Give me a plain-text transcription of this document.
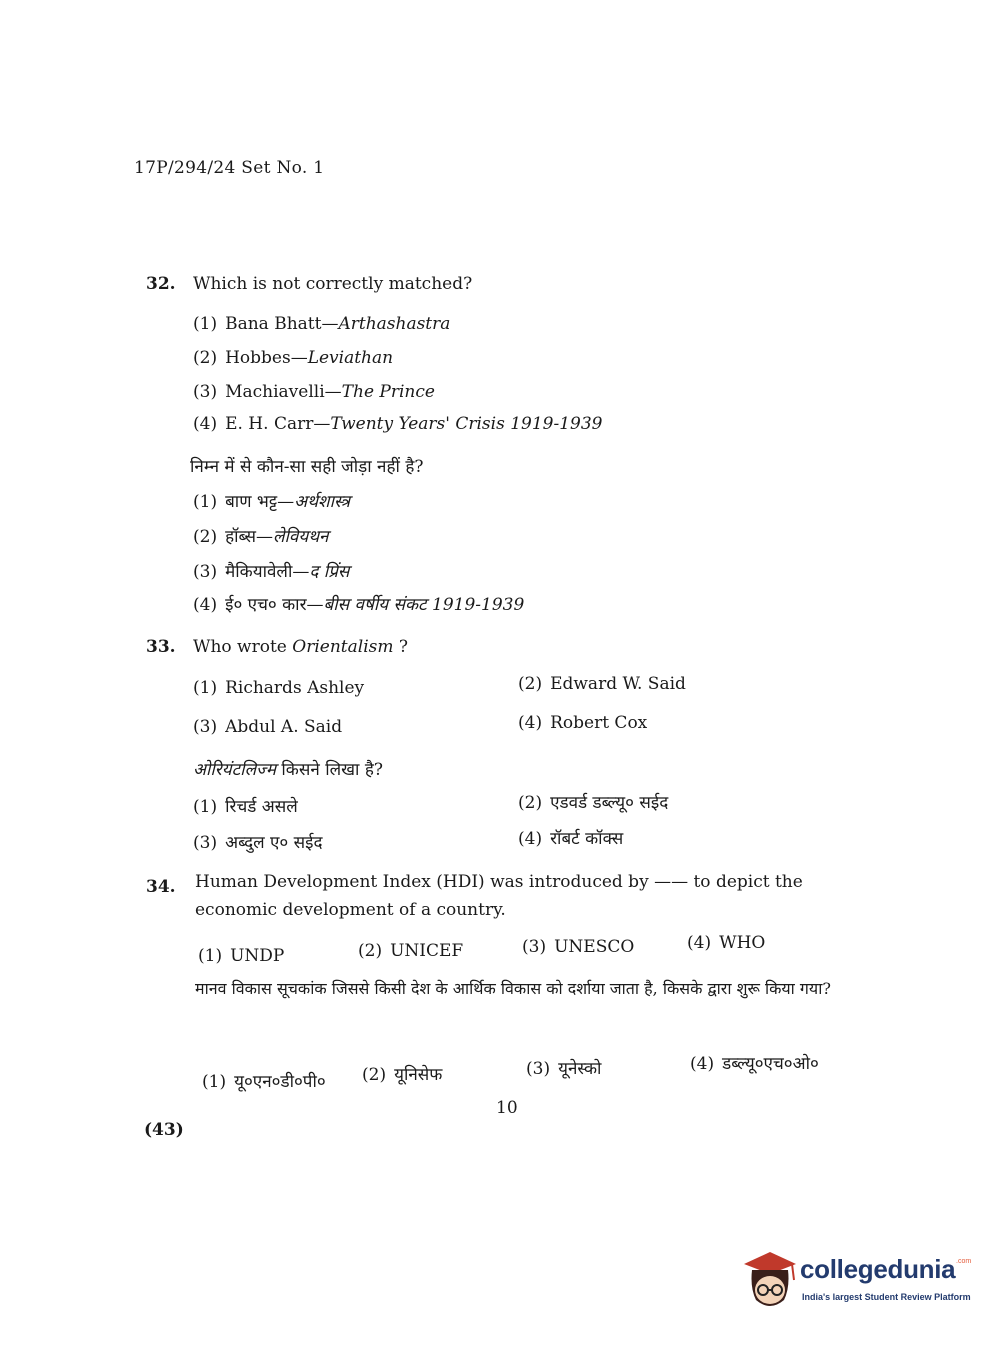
17P/294/24 Set No. 1
32. Which is not correctly matched?
(1) Bana Bhatt—Arthashastra
(2) Hobbes—Leviathan
(3) Machiavelli—The Prince
(4) E. H. Carr—Twenty Years' Crisis 1919-1939
निम्न में से कौन-सा सही जोड़ा नहीं है?
(1) बाण भट्ट—अर्थशास्त्र
(2) हॉब्स—लेवियथन
(3) मैकियावेली—द प्रिंस
(4) ई० एच० कार—बीस वर्षीय संकट 1919-1939
33. Who wrote Orientalism ?
(1) Richards Ashley	(2) Edward W. Said
(3) Abdul A. Said	(4) Robert Cox
ओरियंटलिज्म किसने लिखा है?
(1) रिचर्ड असले	(2) एडवर्ड डब्ल्यू० सईद
(3) अब्दुल ए० सईद	(4) रॉबर्ट कॉक्स
34. Human Development Index (HDI) was introduced by —— to depict the economic development of a country.
(1) UNDP	(2) UNICEF	(3) UNESCO	(4) WHO
मानव विकास सूचकांक जिससे किसी देश के आर्थिक विकास को दर्शाया जाता है, किसके द्वारा शुरू किया गया?
(1) यू०एन०डी०पी० (2) यूनिसेफ	(3) यूनेस्को	(4) डब्ल्यू०एच०ओ०
10
(43)
collegedunia .com
India's largest Student Review Platform
